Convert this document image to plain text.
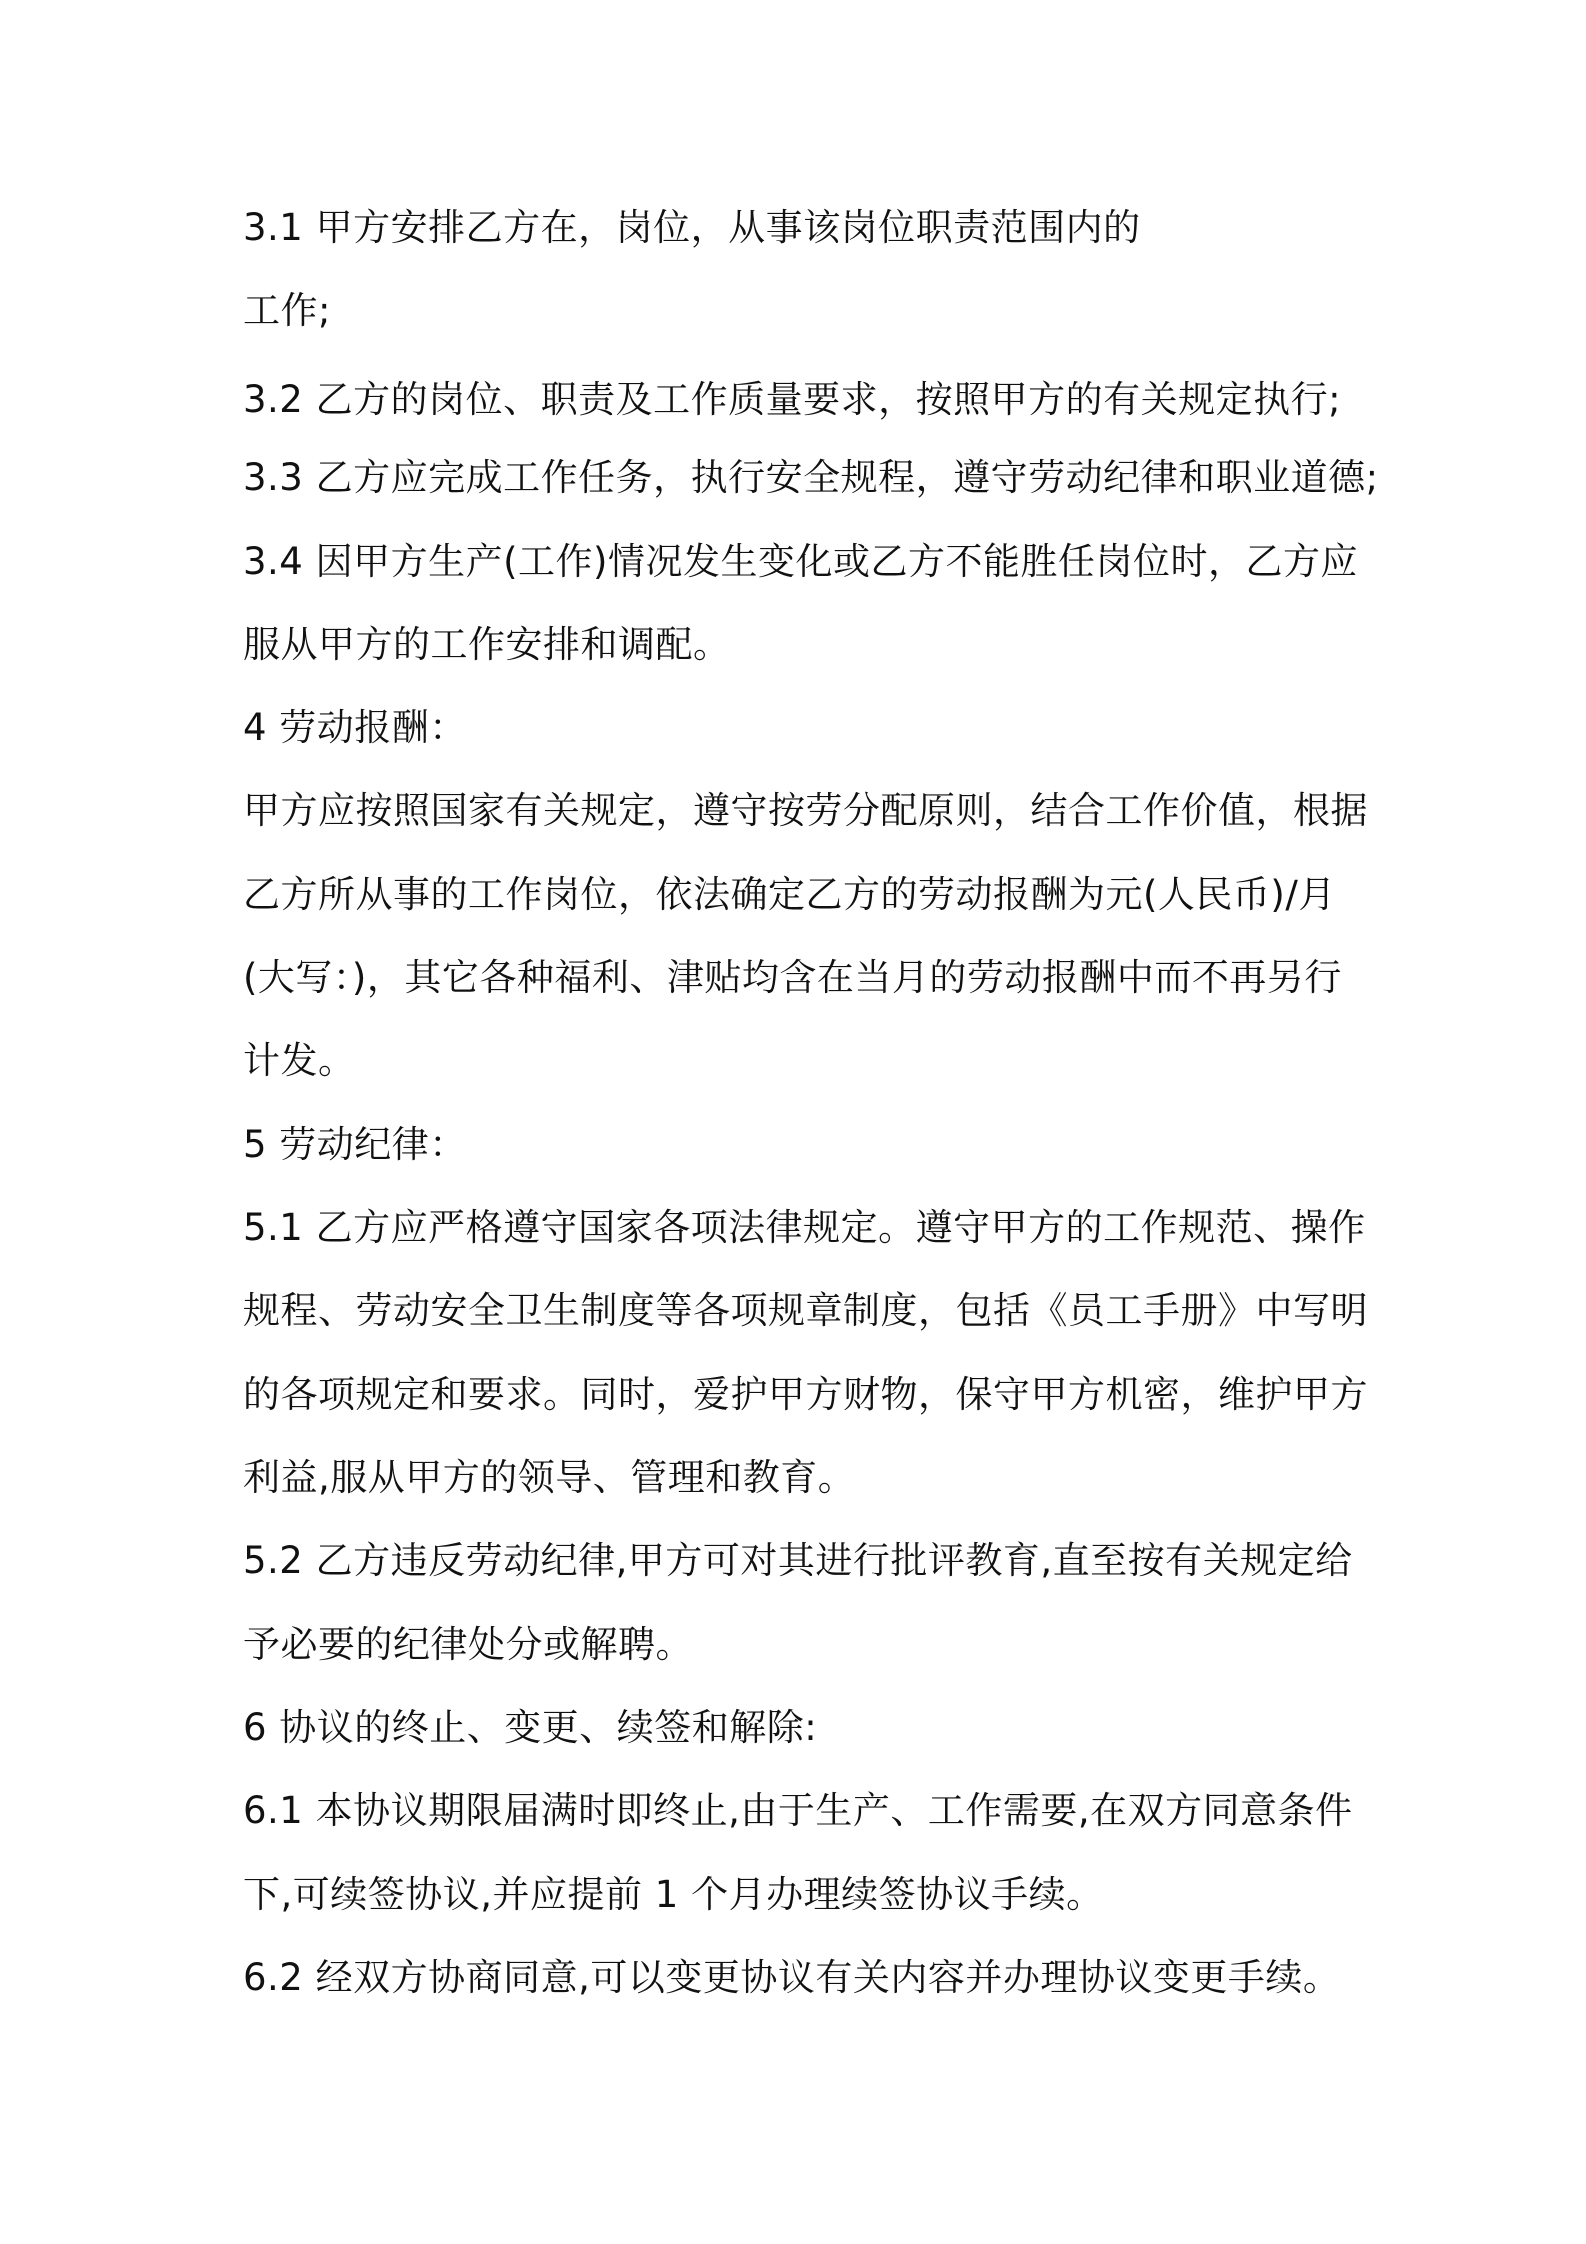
3.1 甲方安排乙方在，岗位，从事该岗位职责范围内的
工作;
3.2 乙方的岗位、职责及工作质量要求，按照甲方的有关规定执行;
3.3 乙方应完成工作任务，执行安全规程，遵守劳动纪律和职业道德;
3.4 因甲方生产(工作)情况发生变化或乙方不能胜任岗位时，乙方应
服从甲方的工作安排和调配。
4 劳动报酬：
甲方应按照国家有关规定，遵守按劳分配原则，结合工作价值，根据
乙方所从事的工作岗位，依法确定乙方的劳动报酬为元(人民币)/月
(大写：)，其它各种福利、津贴均含在当月的劳动报酬中而不再另行
计发。
5 劳动纪律：
5.1 乙方应严格遵守国家各项法律规定。遵守甲方的工作规范、操作
规程、劳动安全卫生制度等各项规章制度，包括《员工手册》中写明
的各项规定和要求。同时，爱护甲方财物，保守甲方机密，维护甲方
利益,服从甲方的领导、管理和教育。
5.2 乙方违反劳动纪律,甲方可对其进行批评教育,直至按有关规定给
予必要的纪律处分或解聘。
6 协议的终止、变更、续签和解除:
6.1 本协议期限届满时即终止,由于生产、工作需要,在双方同意条件
下,可续签协议,并应提前 1 个月办理续签协议手续。
6.2 经双方协商同意,可以变更协议有关内容并办理协议变更手续。
